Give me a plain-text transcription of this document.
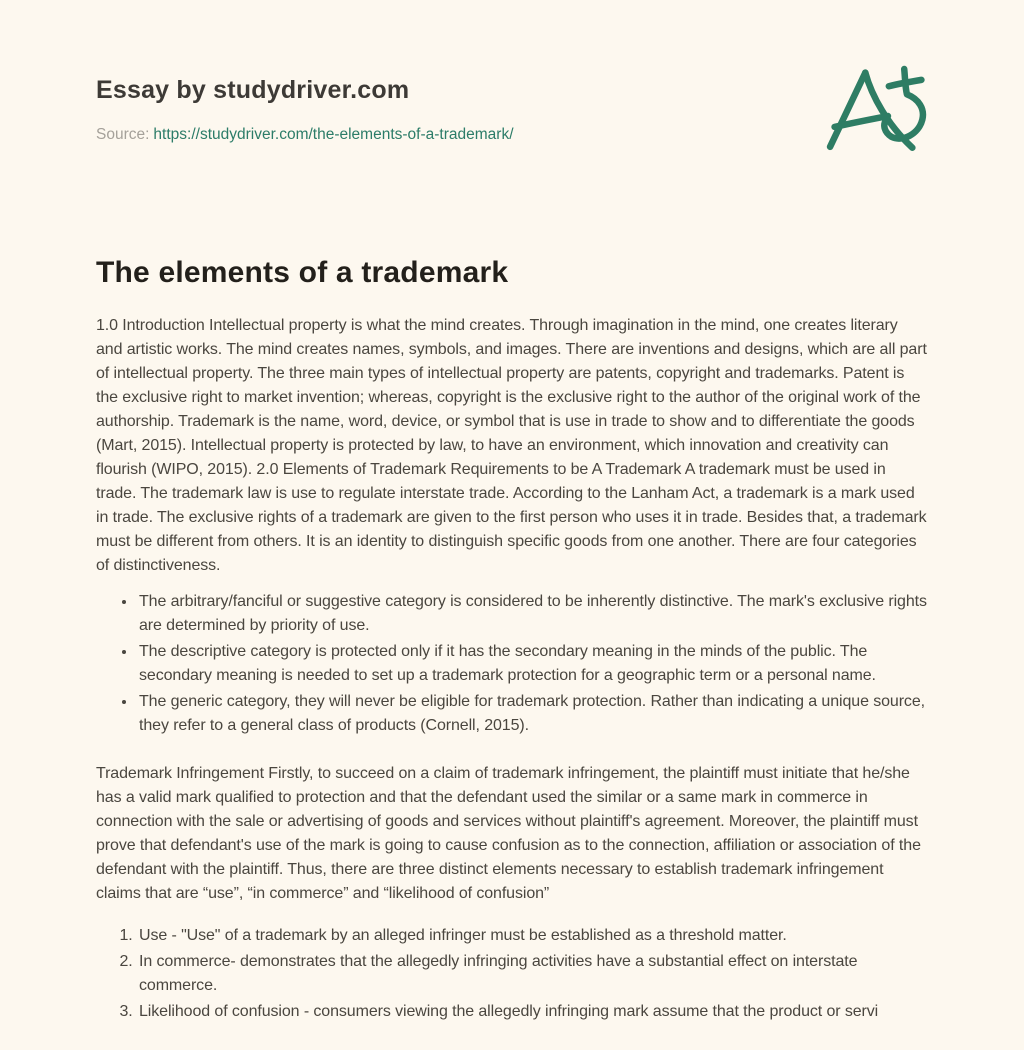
Essay by studydriver.com
Source: https://studydriver.com/the-elements-of-a-trademark/
The elements of a trademark

1.0 Introduction Intellectual property is what the mind creates. Through imagination in the mind, one creates literary and artistic works. The mind creates names, symbols, and images. There are inventions and designs, which are all part of intellectual property. The three main types of intellectual property are patents, copyright and trademarks. Patent is the exclusive right to market invention; whereas, copyright is the exclusive right to the author of the original work of the authorship. Trademark is the name, word, device, or symbol that is use in trade to show and to differentiate the goods (Mart, 2015). Intellectual property is protected by law, to have an environment, which innovation and creativity can flourish (WIPO, 2015). 2.0 Elements of Trademark Requirements to be A Trademark A trademark must be used in trade. The trademark law is use to regulate interstate trade. According to the Lanham Act, a trademark is a mark used in trade. The exclusive rights of a trademark are given to the first person who uses it in trade. Besides that, a trademark must be different from others. It is an identity to distinguish specific goods from one another. There are four categories of distinctiveness.

• The arbitrary/fanciful or suggestive category is considered to be inherently distinctive. The mark's exclusive rights are determined by priority of use.
• The descriptive category is protected only if it has the secondary meaning in the minds of the public. The secondary meaning is needed to set up a trademark protection for a geographic term or a personal name.
• The generic category, they will never be eligible for trademark protection. Rather than indicating a unique source, they refer to a general class of products (Cornell, 2015).

Trademark Infringement Firstly, to succeed on a claim of trademark infringement, the plaintiff must initiate that he/she has a valid mark qualified to protection and that the defendant used the similar or a same mark in commerce in connection with the sale or advertising of goods and services without plaintiff's agreement. Moreover, the plaintiff must prove that defendant's use of the mark is going to cause confusion as to the connection, affiliation or association of the defendant with the plaintiff. Thus, there are three distinct elements necessary to establish trademark infringement claims that are “use”, “in commerce” and “likelihood of confusion”

1. Use - "Use" of a trademark by an alleged infringer must be established as a threshold matter.
2. In commerce- demonstrates that the allegedly infringing activities have a substantial effect on interstate commerce.
3. Likelihood of confusion - consumers viewing the allegedly infringing mark assume that the product or servi
